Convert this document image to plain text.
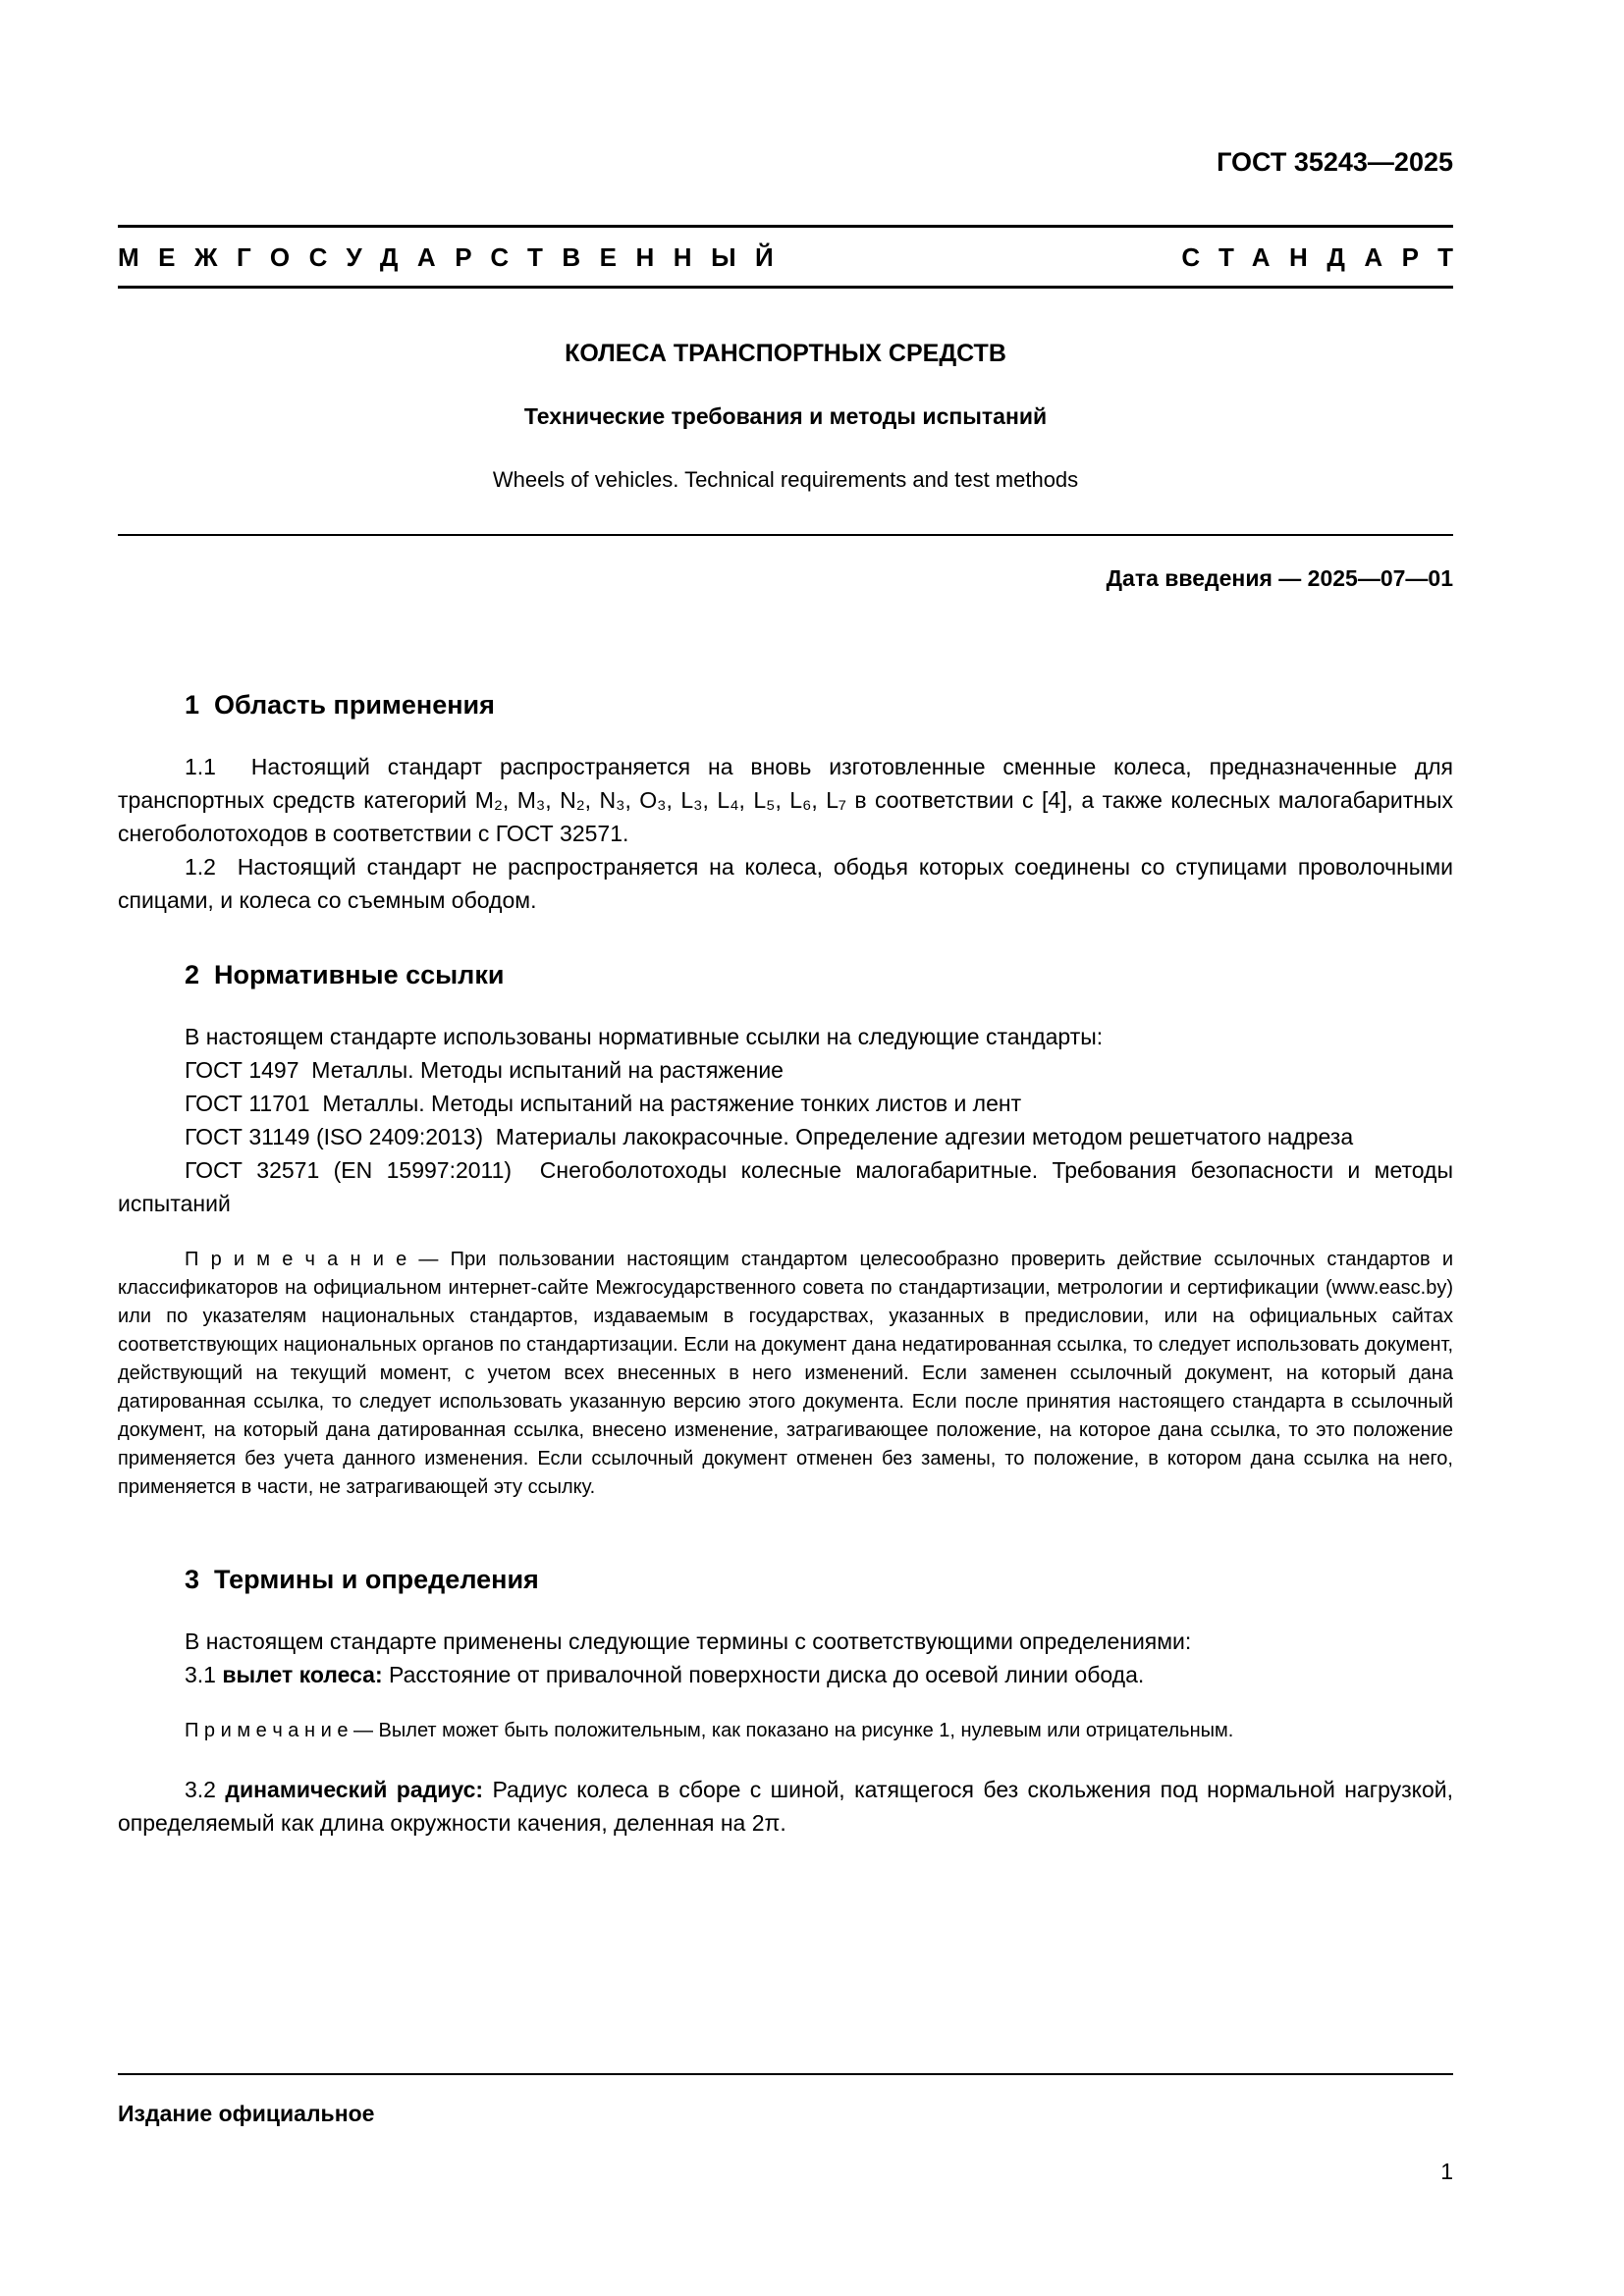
ГОСТ 35243—2025
МЕЖГОСУДАРСТВЕННЫЙ	СТАНДАРТ
КОЛЕСА ТРАНСПОРТНЫХ СРЕДСТВ
Технические требования и методы испытаний
Wheels of vehicles. Technical requirements and test methods
Дата введения — 2025—07—01
1  Область применения

1.1  Настоящий стандарт распространяется на вновь изготовленные сменные колеса, предназначенные для транспортных средств категорий M₂, M₃, N₂, N₃, O₃, L₃, L₄, L₅, L₆, L₇ в соответствии с [4], а также колесных малогабаритных снегоболотоходов в соответствии с ГОСТ 32571.

1.2  Настоящий стандарт не распространяется на колеса, ободья которых соединены со ступицами проволочными спицами, и колеса со съемным ободом.

2  Нормативные ссылки

В настоящем стандарте использованы нормативные ссылки на следующие стандарты:

ГОСТ 1497  Металлы. Методы испытаний на растяжение

ГОСТ 11701  Металлы. Методы испытаний на растяжение тонких листов и лент

ГОСТ 31149 (ISO 2409:2013)  Материалы лакокрасочные. Определение адгезии методом решетчатого надреза

ГОСТ 32571 (EN 15997:2011)  Снегоболотоходы колесные малогабаритные. Требования безопасности и методы испытаний

П р и м е ч а н и е — При пользовании настоящим стандартом целесообразно проверить действие ссылочных стандартов и классификаторов на официальном интернет-сайте Межгосударственного совета по стандартизации, метрологии и сертификации (www.easc.by) или по указателям национальных стандартов, издаваемым в государствах, указанных в предисловии, или на официальных сайтах соответствующих национальных органов по стандартизации. Если на документ дана недатированная ссылка, то следует использовать документ, действующий на текущий момент, с учетом всех внесенных в него изменений. Если заменен ссылочный документ, на который дана датированная ссылка, то следует использовать указанную версию этого документа. Если после принятия настоящего стандарта в ссылочный документ, на который дана датированная ссылка, внесено изменение, затрагивающее положение, на которое дана ссылка, то это положение применяется без учета данного изменения. Если ссылочный документ отменен без замены, то положение, в котором дана ссылка на него, применяется в части, не затрагивающей эту ссылку.

3  Термины и определения

В настоящем стандарте применены следующие термины с соответствующими определениями:

3.1 вылет колеса: Расстояние от привалочной поверхности диска до осевой линии обода.

П р и м е ч а н и е — Вылет может быть положительным, как показано на рисунке 1, нулевым или отрицательным.

3.2 динамический радиус: Радиус колеса в сборе с шиной, катящегося без скольжения под нормальной нагрузкой, определяемый как длина окружности качения, деленная на 2π.

Издание официальное
1
